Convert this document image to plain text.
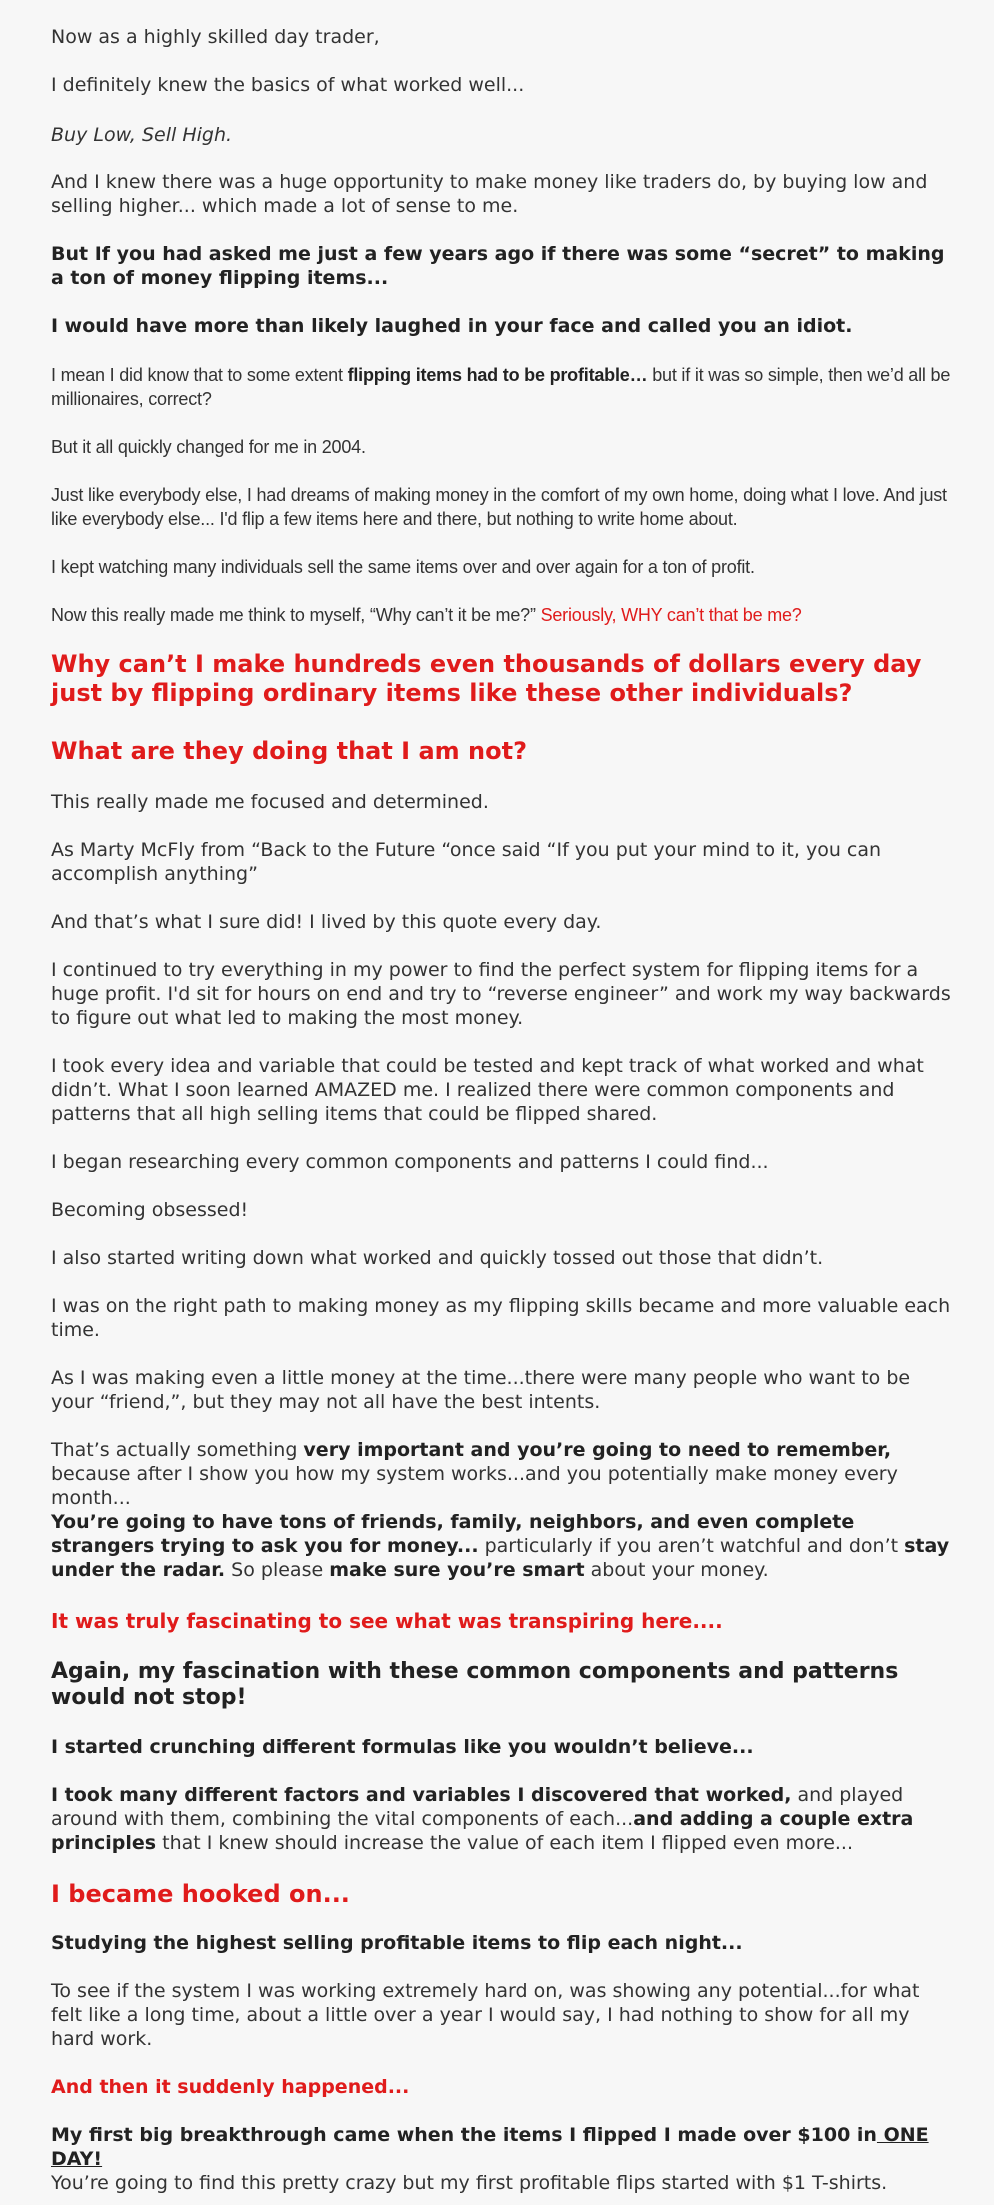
Now as a highly skilled day trader,

I definitely knew the basics of what worked well...

Buy Low, Sell High.

And I knew there was a huge opportunity to make money like traders do, by buying low and selling higher... which made a lot of sense to me.

But If you had asked me just a few years ago if there was some “secret” to making a ton of money flipping items...

I would have more than likely laughed in your face and called you an idiot.

I mean I did know that to some extent flipping items had to be profitable… but if it was so simple, then we’d all be millionaires, correct?

But it all quickly changed for me in 2004.

Just like everybody else, I had dreams of making money in the comfort of my own home, doing what I love. And just like everybody else... I'd flip a few items here and there, but nothing to write home about.

I kept watching many individuals sell the same items over and over again for a ton of profit.

Now this really made me think to myself, “Why can’t it be me?” Seriously, WHY can’t that be me?

Why can’t I make hundreds even thousands of dollars every day just by flipping ordinary items like these other individuals?

What are they doing that I am not?

This really made me focused and determined.

As Marty McFly from “Back to the Future “once said “If you put your mind to it, you can accomplish anything”

And that’s what I sure did! I lived by this quote every day.

I continued to try everything in my power to find the perfect system for flipping items for a huge profit. I'd sit for hours on end and try to “reverse engineer” and work my way backwards to figure out what led to making the most money.

I took every idea and variable that could be tested and kept track of what worked and what didn’t. What I soon learned AMAZED me. I realized there were common components and patterns that all high selling items that could be flipped shared.

I began researching every common components and patterns I could find...

Becoming obsessed!

I also started writing down what worked and quickly tossed out those that didn’t.

I was on the right path to making money as my flipping skills became and more valuable each time.

As I was making even a little money at the time...there were many people who want to be your “friend,”, but they may not all have the best intents.

That’s actually something very important and you’re going to need to remember, because after I show you how my system works...and you potentially make money every month...

You’re going to have tons of friends, family, neighbors, and even complete strangers trying to ask you for money... particularly if you aren’t watchful and don’t stay under the radar. So please make sure you’re smart about your money.

It was truly fascinating to see what was transpiring here....

Again, my fascination with these common components and patterns would not stop!

I started crunching different formulas like you wouldn’t believe...

I took many different factors and variables I discovered that worked, and played around with them, combining the vital components of each...and adding a couple extra principles that I knew should increase the value of each item I flipped even more...

I became hooked on...

Studying the highest selling profitable items to flip each night...

To see if the system I was working extremely hard on, was showing any potential...for what felt like a long time, about a little over a year I would say, I had nothing to show for all my hard work.

And then it suddenly happened...

My first big breakthrough came when the items I flipped I made over $100 in ONE DAY!

You’re going to find this pretty crazy but my first profitable flips started with $1 T-shirts.
